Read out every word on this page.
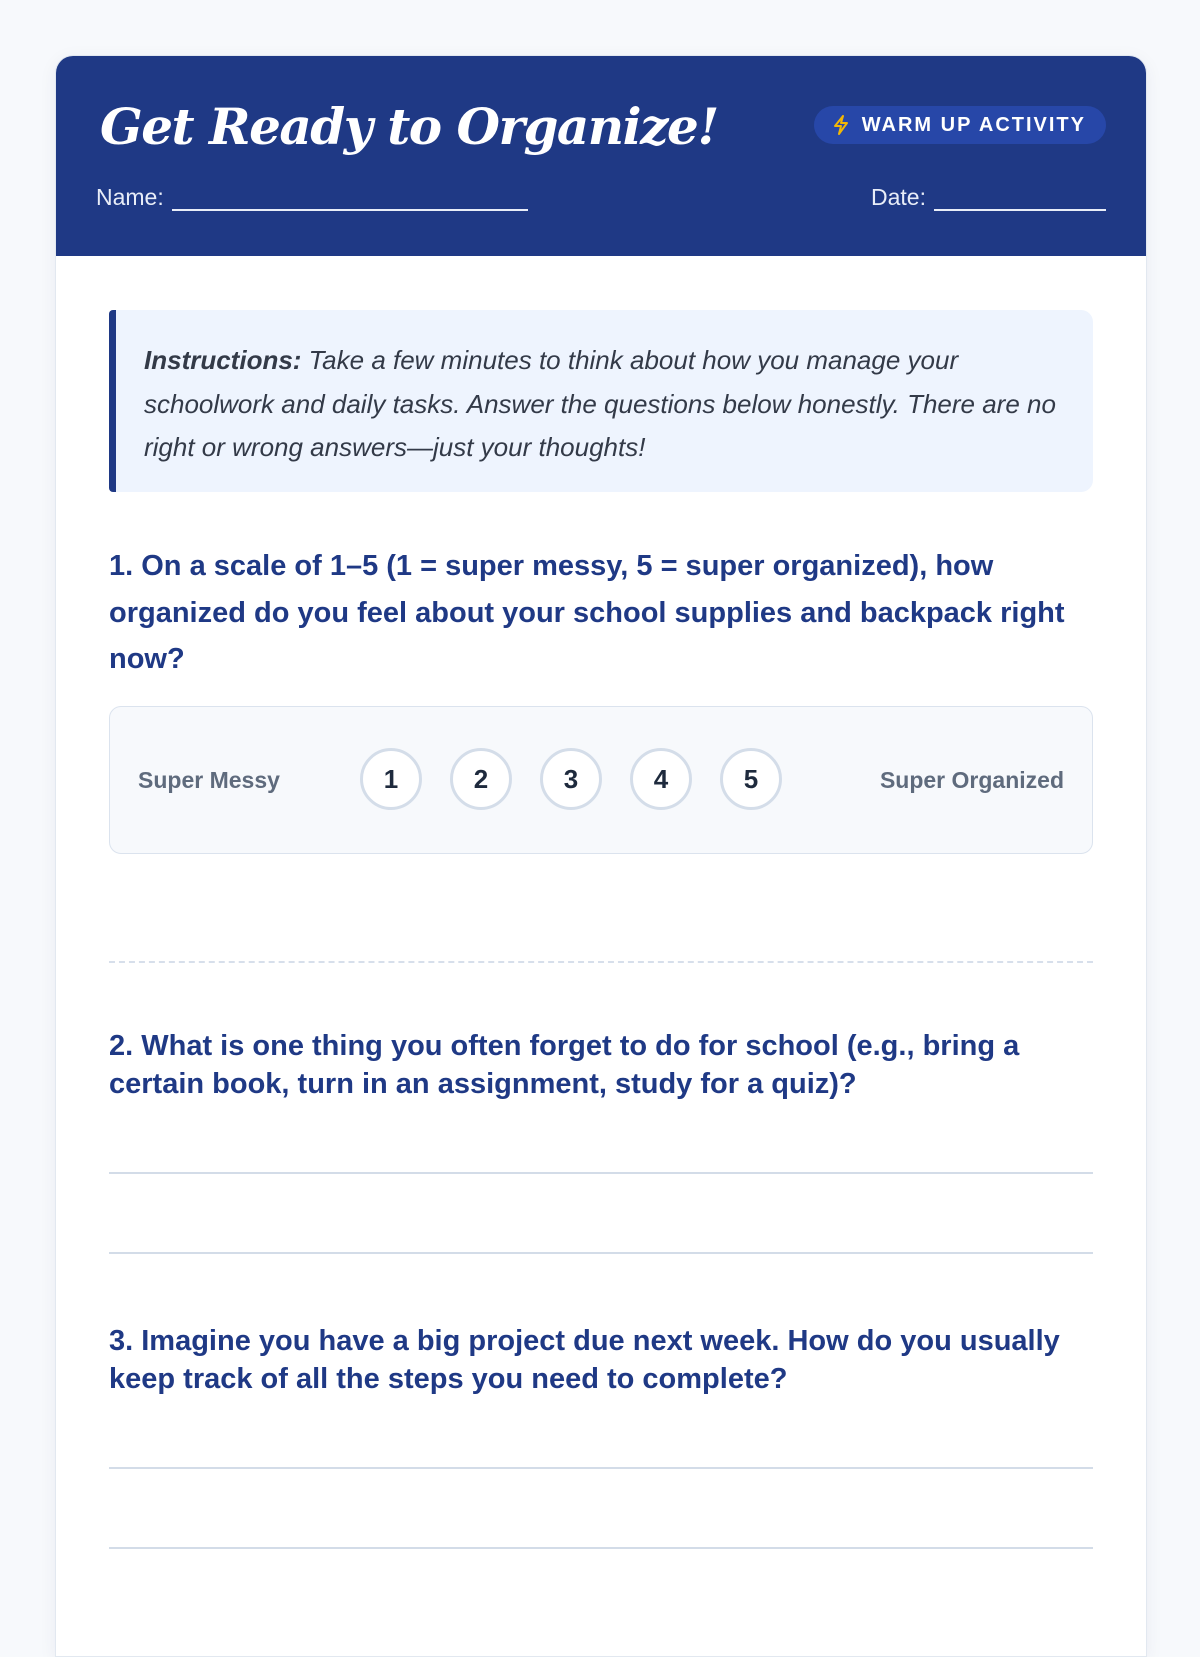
Get Ready to Organize!	WARM UP ACTIVITY
Name:	Date:
Instructions: Take a few minutes to think about how you manage your schoolwork and daily tasks. Answer the questions below honestly. There are no right or wrong answers—just your thoughts!
1. On a scale of 1–5 (1 = super messy, 5 = super organized), how organized do you feel about your school supplies and backpack right now?
Super Messy	1	2	3	4	5	Super Organized
2. What is one thing you often forget to do for school (e.g., bring a certain book, turn in an assignment, study for a quiz)?
3. Imagine you have a big project due next week. How do you usually keep track of all the steps you need to complete?
